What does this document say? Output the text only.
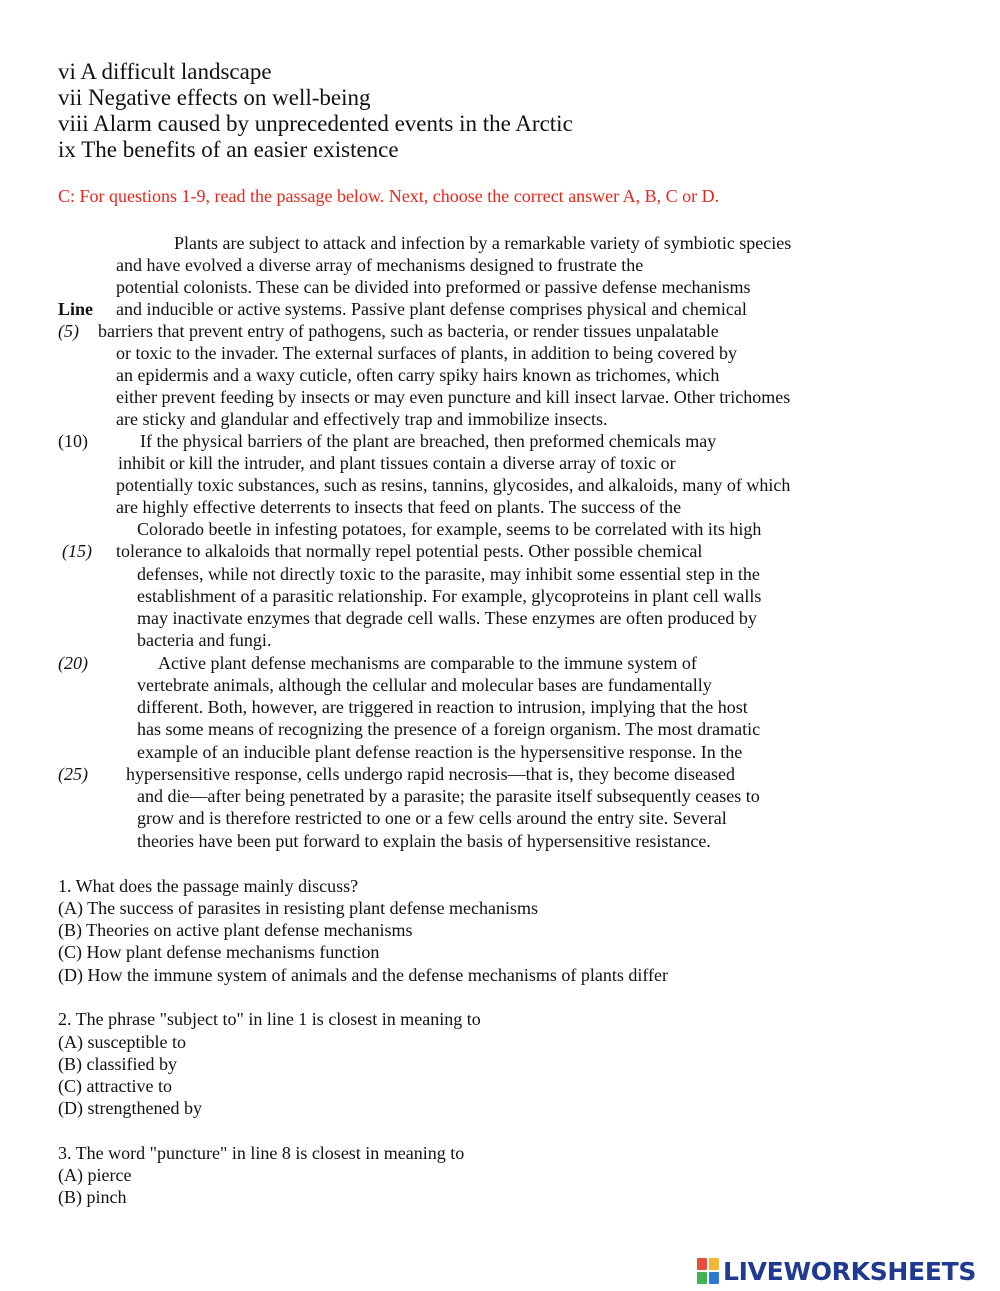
vi A difficult landscape
vii Negative effects on well-being
viii Alarm caused by unprecedented events in the Arctic
ix The benefits of an easier existence
C: For questions 1-9, read the passage below. Next, choose the correct answer A, B, C or D.
Plants are subject to attack and infection by a remarkable variety of symbiotic species
and have evolved a diverse array of mechanisms designed to frustrate the
potential colonists. These can be divided into preformed or passive defense mechanisms
and inducible or active systems. Passive plant defense comprises physical and chemical
barriers that prevent entry of pathogens, such as bacteria, or render tissues unpalatable
or toxic to the invader. The external surfaces of plants, in addition to being covered by
an epidermis and a waxy cuticle, often carry spiky hairs known as trichomes, which
either prevent feeding by insects or may even puncture and kill insect larvae. Other trichomes
are sticky and glandular and effectively trap and immobilize insects.
If the physical barriers of the plant are breached, then preformed chemicals may
inhibit or kill the intruder, and plant tissues contain a diverse array of toxic or
potentially toxic substances, such as resins, tannins, glycosides, and alkaloids, many of which
are highly effective deterrents to insects that feed on plants. The success of the
Colorado beetle in infesting potatoes, for example, seems to be correlated with its high
tolerance to alkaloids that normally repel potential pests. Other possible chemical
defenses, while not directly toxic to the parasite, may inhibit some essential step in the
establishment of a parasitic relationship. For example, glycoproteins in plant cell walls
may inactivate enzymes that degrade cell walls. These enzymes are often produced by
bacteria and fungi.
Active plant defense mechanisms are comparable to the immune system of
vertebrate animals, although the cellular and molecular bases are fundamentally
different. Both, however, are triggered in reaction to intrusion, implying that the host
has some means of recognizing the presence of a foreign organism. The most dramatic
example of an inducible plant defense reaction is the hypersensitive response. In the
hypersensitive response, cells undergo rapid necrosis—that is, they become diseased
and die—after being penetrated by a parasite; the parasite itself subsequently ceases to
grow and is therefore restricted to one or a few cells around the entry site. Several
theories have been put forward to explain the basis of hypersensitive resistance.
Line
(5)
(10)
(15)
(20)
(25)
1. What does the passage mainly discuss?
(A) The success of parasites in resisting plant defense mechanisms
(B) Theories on active plant defense mechanisms
(C) How plant defense mechanisms function
(D) How the immune system of animals and the defense mechanisms of plants differ
2. The phrase "subject to" in line 1 is closest in meaning to
(A) susceptible to
(B) classified by
(C) attractive to
(D) strengthened by
3. The word "puncture" in line 8 is closest in meaning to
(A) pierce
(B) pinch
LIVEWORKSHEETS
